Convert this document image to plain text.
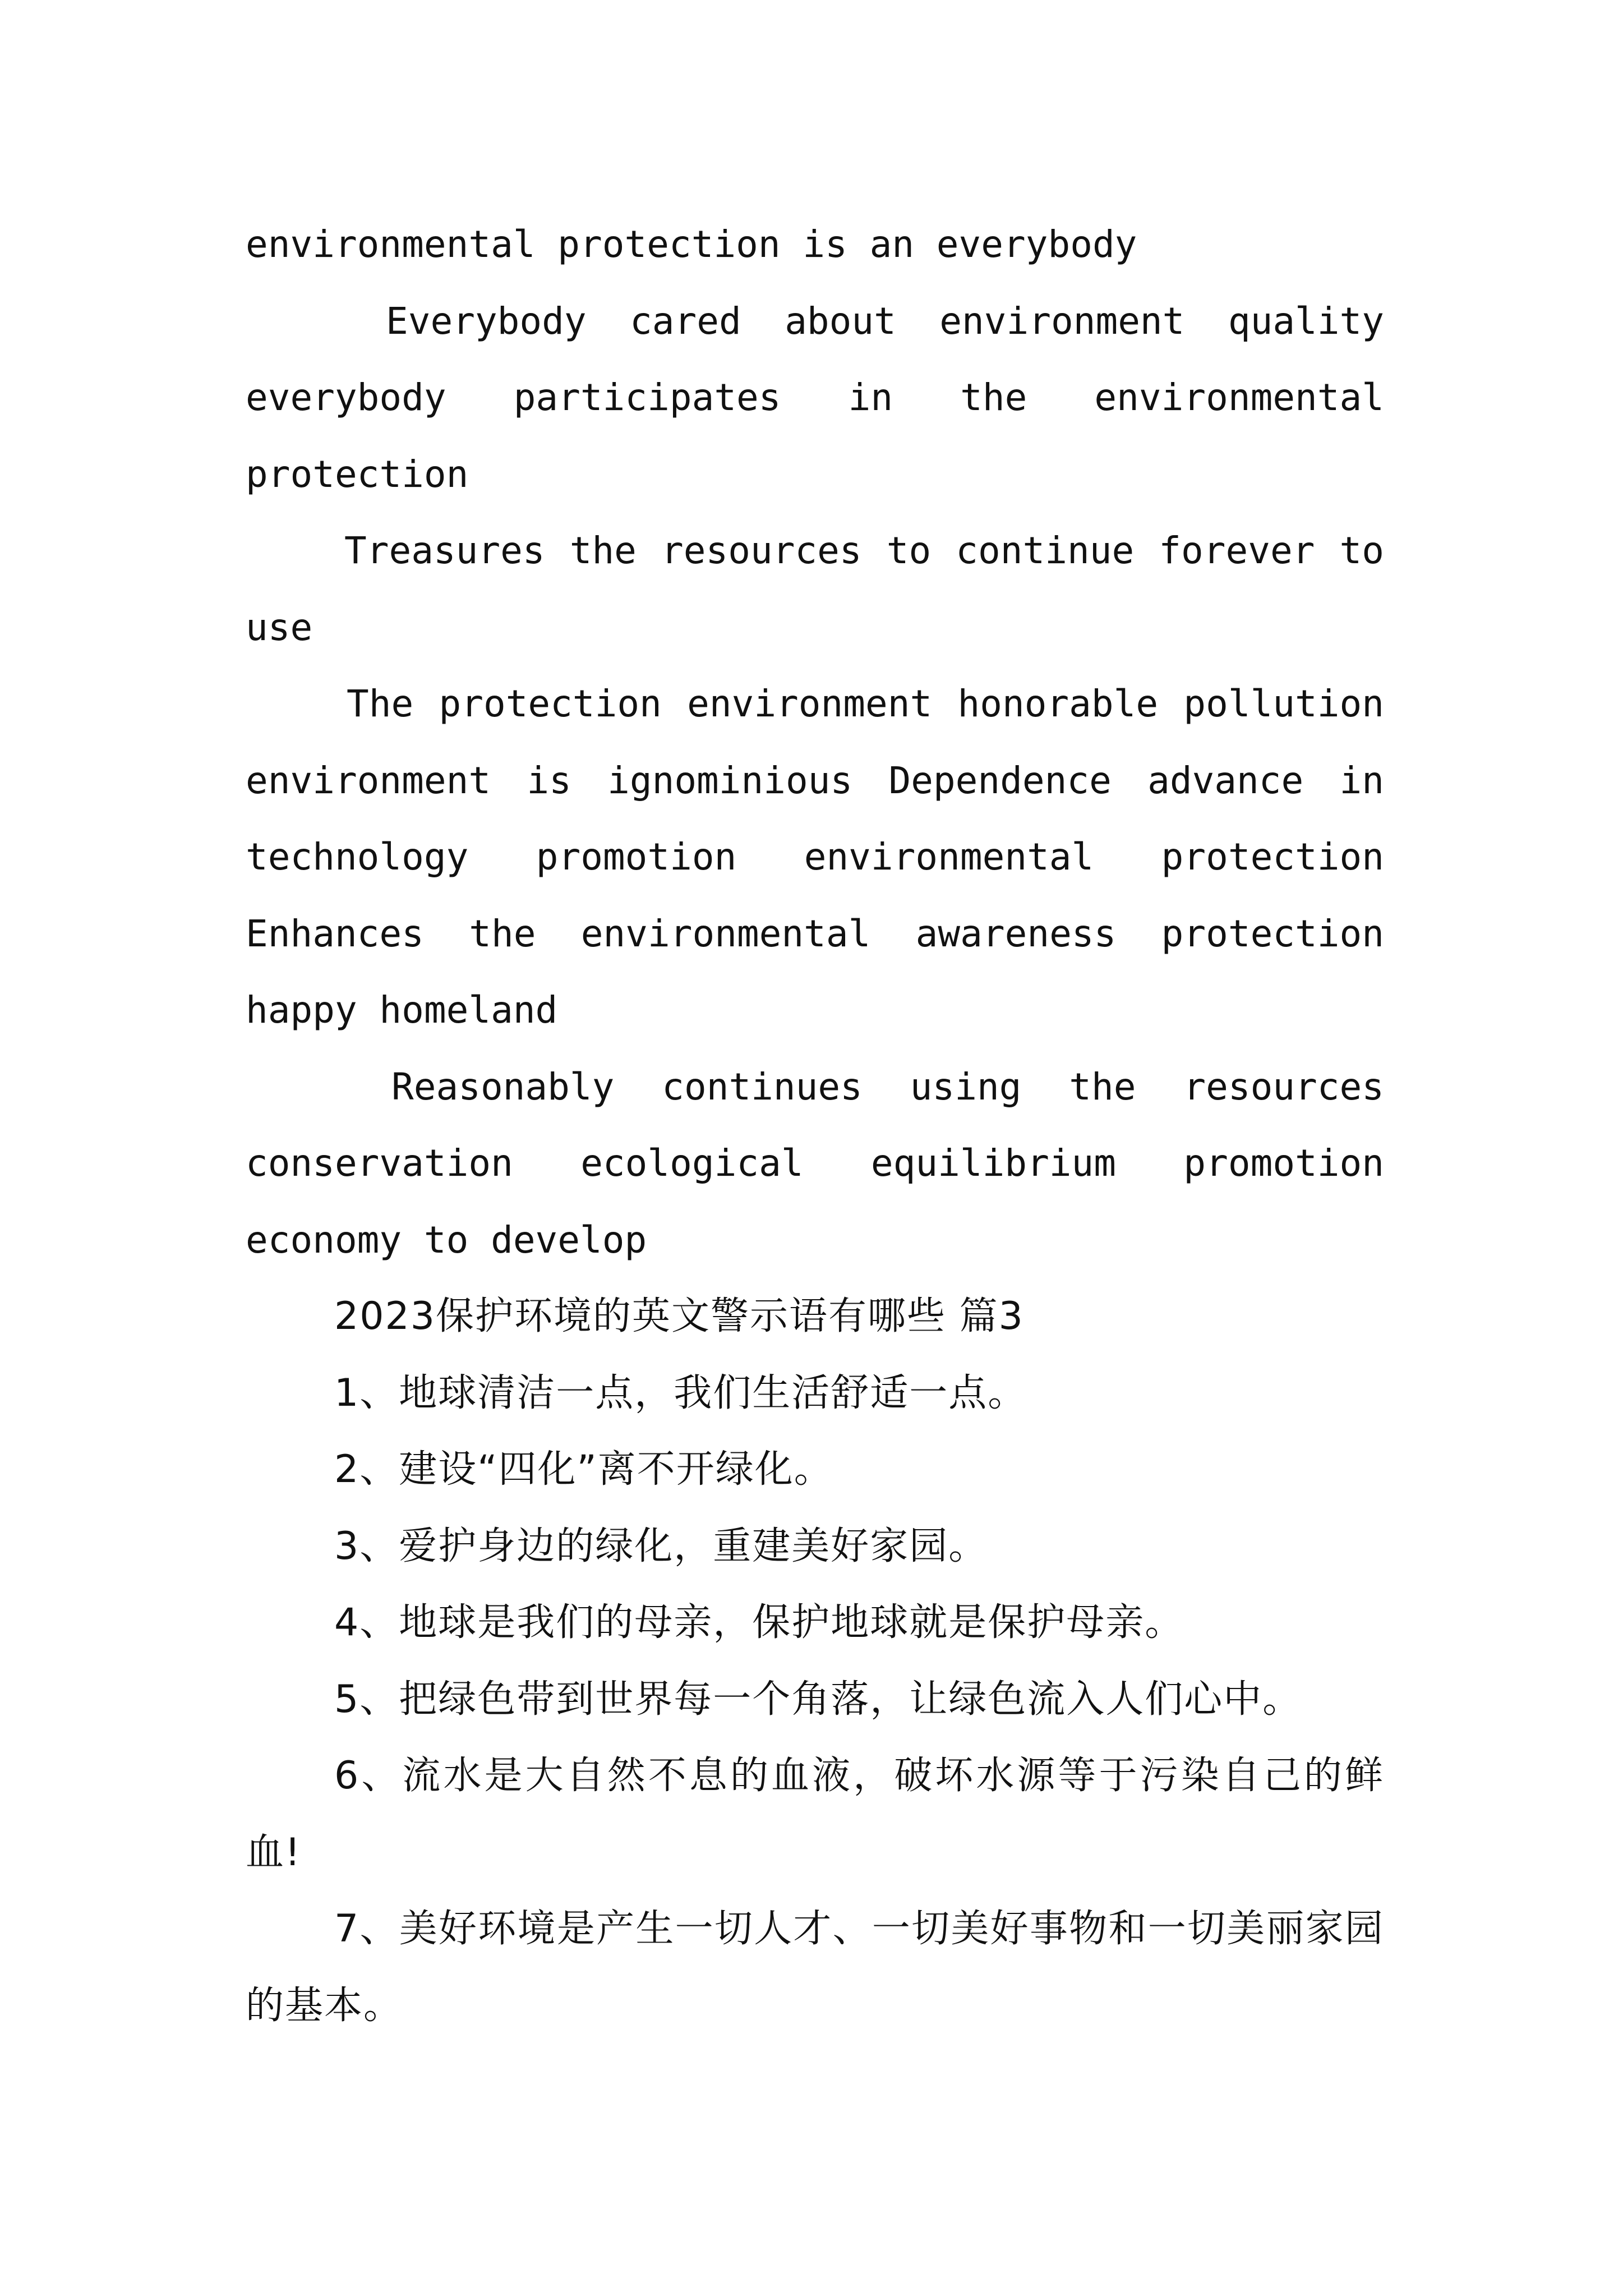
environmental protection is an everybody

Everybody cared about environment quality everybody participates in the environmental protection

Treasures the resources to continue forever to use

The protection environment honorable pollution environment is ignominious Dependence advance in technology promotion environmental protection Enhances the environmental awareness protection happy homeland

Reasonably continues using the resources conservation ecological equilibrium promotion economy to develop

2023保护环境的英文警示语有哪些 篇3

1、地球清洁一点，我们生活舒适一点。

2、建设“四化”离不开绿化。

3、爱护身边的绿化，重建美好家园。

4、地球是我们的母亲，保护地球就是保护母亲。

5、把绿色带到世界每一个角落，让绿色流入人们心中。

6、流水是大自然不息的血液，破坏水源等于污染自己的鲜血!

7、美好环境是产生一切人才、一切美好事物和一切美丽家园的基本。
